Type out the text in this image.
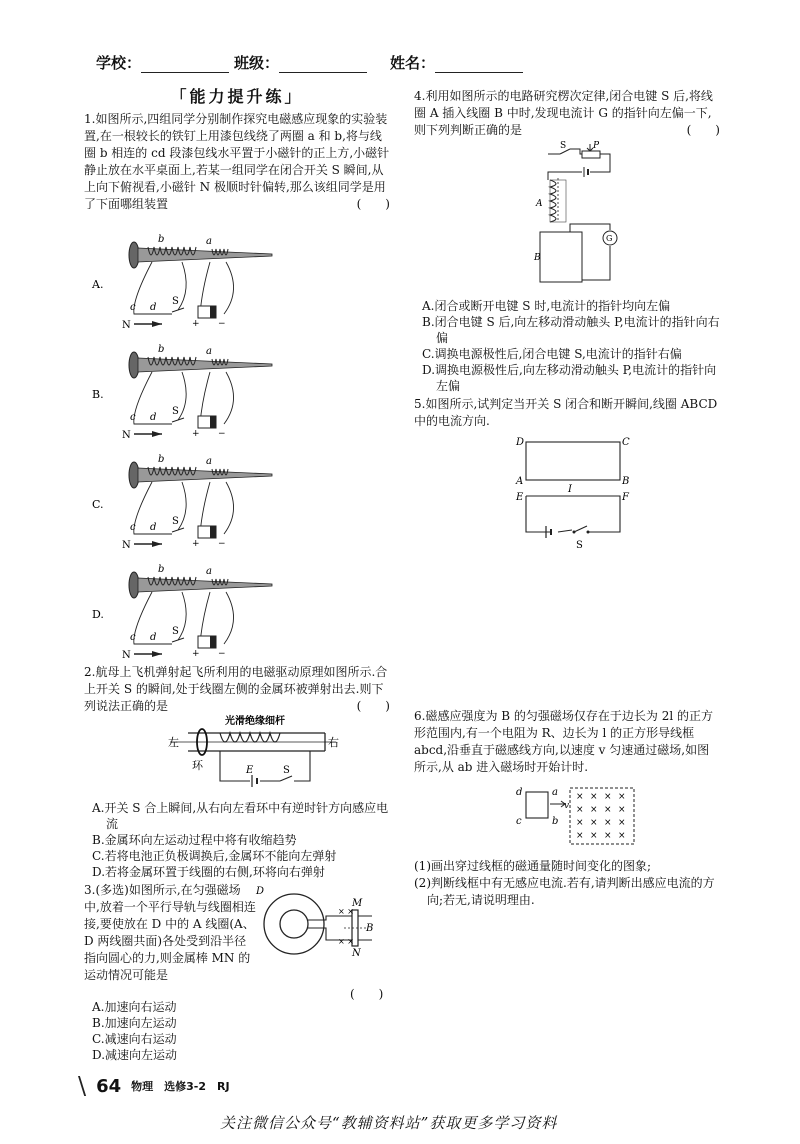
学校：	班级：	姓名：
「能力提升练」

1.如图所示,四组同学分别制作探究电磁感应现象的实验装置,在一根较长的铁钉上用漆包线绕了两圈 a 和 b,将与线圈 b 相连的 cd 段漆包线水平置于小磁针的正上方,小磁针静止放在水平桌面上,若某一组同学在闭合开关 S 瞬间,从上向下俯视看,小磁针 N 极顺时针偏转,那么该组同学是用了下面哪组装置	(　　)
A.
b	a
c d
S
+ −
N
B.
b	a
c d
S
+ −
N
C.
b	a
c d
S
+ −
N
D.
b	a
c d
S
+ −
N

2.航母上飞机弹射起飞所利用的电磁驱动原理如图所示.合上开关 S 的瞬间,处于线圈左侧的金属环被弹射出去.则下列说法正确的是	(　　)
光滑绝缘细杆
左	右
环	E	S
A.开关 S 合上瞬间,从右向左看环中有逆时针方向感应电流
B.金属环向左运动过程中将有收缩趋势
C.若将电池正负极调换后,金属环不能向左弹射
D.若将金属环置于线圈的右侧,环将向右弹射

3.(多选)如图所示,在匀强磁场中,放着一个平行导轨与线圈相连接,要使放在 D 中的 A 线圈(A、D 两线圈共面)各处受到沿半径指向圆心的力,则金属棒 MN 的运动情况可能是

(　　)
D
M
N
B
× ×
× ×
A.加速向右运动
B.加速向左运动
C.减速向右运动
D.减速向左运动

4.利用如图所示的电路研究楞次定律,闭合电键 S 后,将线圈 A 插入线圈 B 中时,发现电流计 G 的指针向左偏一下,则下列判断正确的是	(　　)
S	P
A
B
G
A.闭合或断开电键 S 时,电流计的指针均向左偏
B.闭合电键 S 后,向左移动滑动触头 P,电流计的指针向右偏
C.调换电源极性后,闭合电键 S,电流计的指针右偏
D.调换电源极性后,向左移动滑动触头 P,电流计的指针向左偏

5.如图所示,试判定当开关 S 闭合和断开瞬间,线圈 ABCD 中的电流方向.

D	C
A	B
I
E	F
S

6.磁感应强度为 B 的匀强磁场仅存在于边长为 2l 的正方形范围内,有一个电阻为 R、边长为 l 的正方形导线框 abcd,沿垂直于磁感线方向,以速度 v 匀速通过磁场,如图所示,从 ab 进入磁场时开始计时.

d	a
c	b
v
× × × ×
× × × ×
× × × ×
× × × ×
(1)画出穿过线框的磁通量随时间变化的图象;
(2)判断线框中有无感应电流.若有,请判断出感应电流的方向;若无,请说明理由.
\ 64 物理　选修3-2　RJ
关注微信公众号“教辅资料站”获取更多学习资料
